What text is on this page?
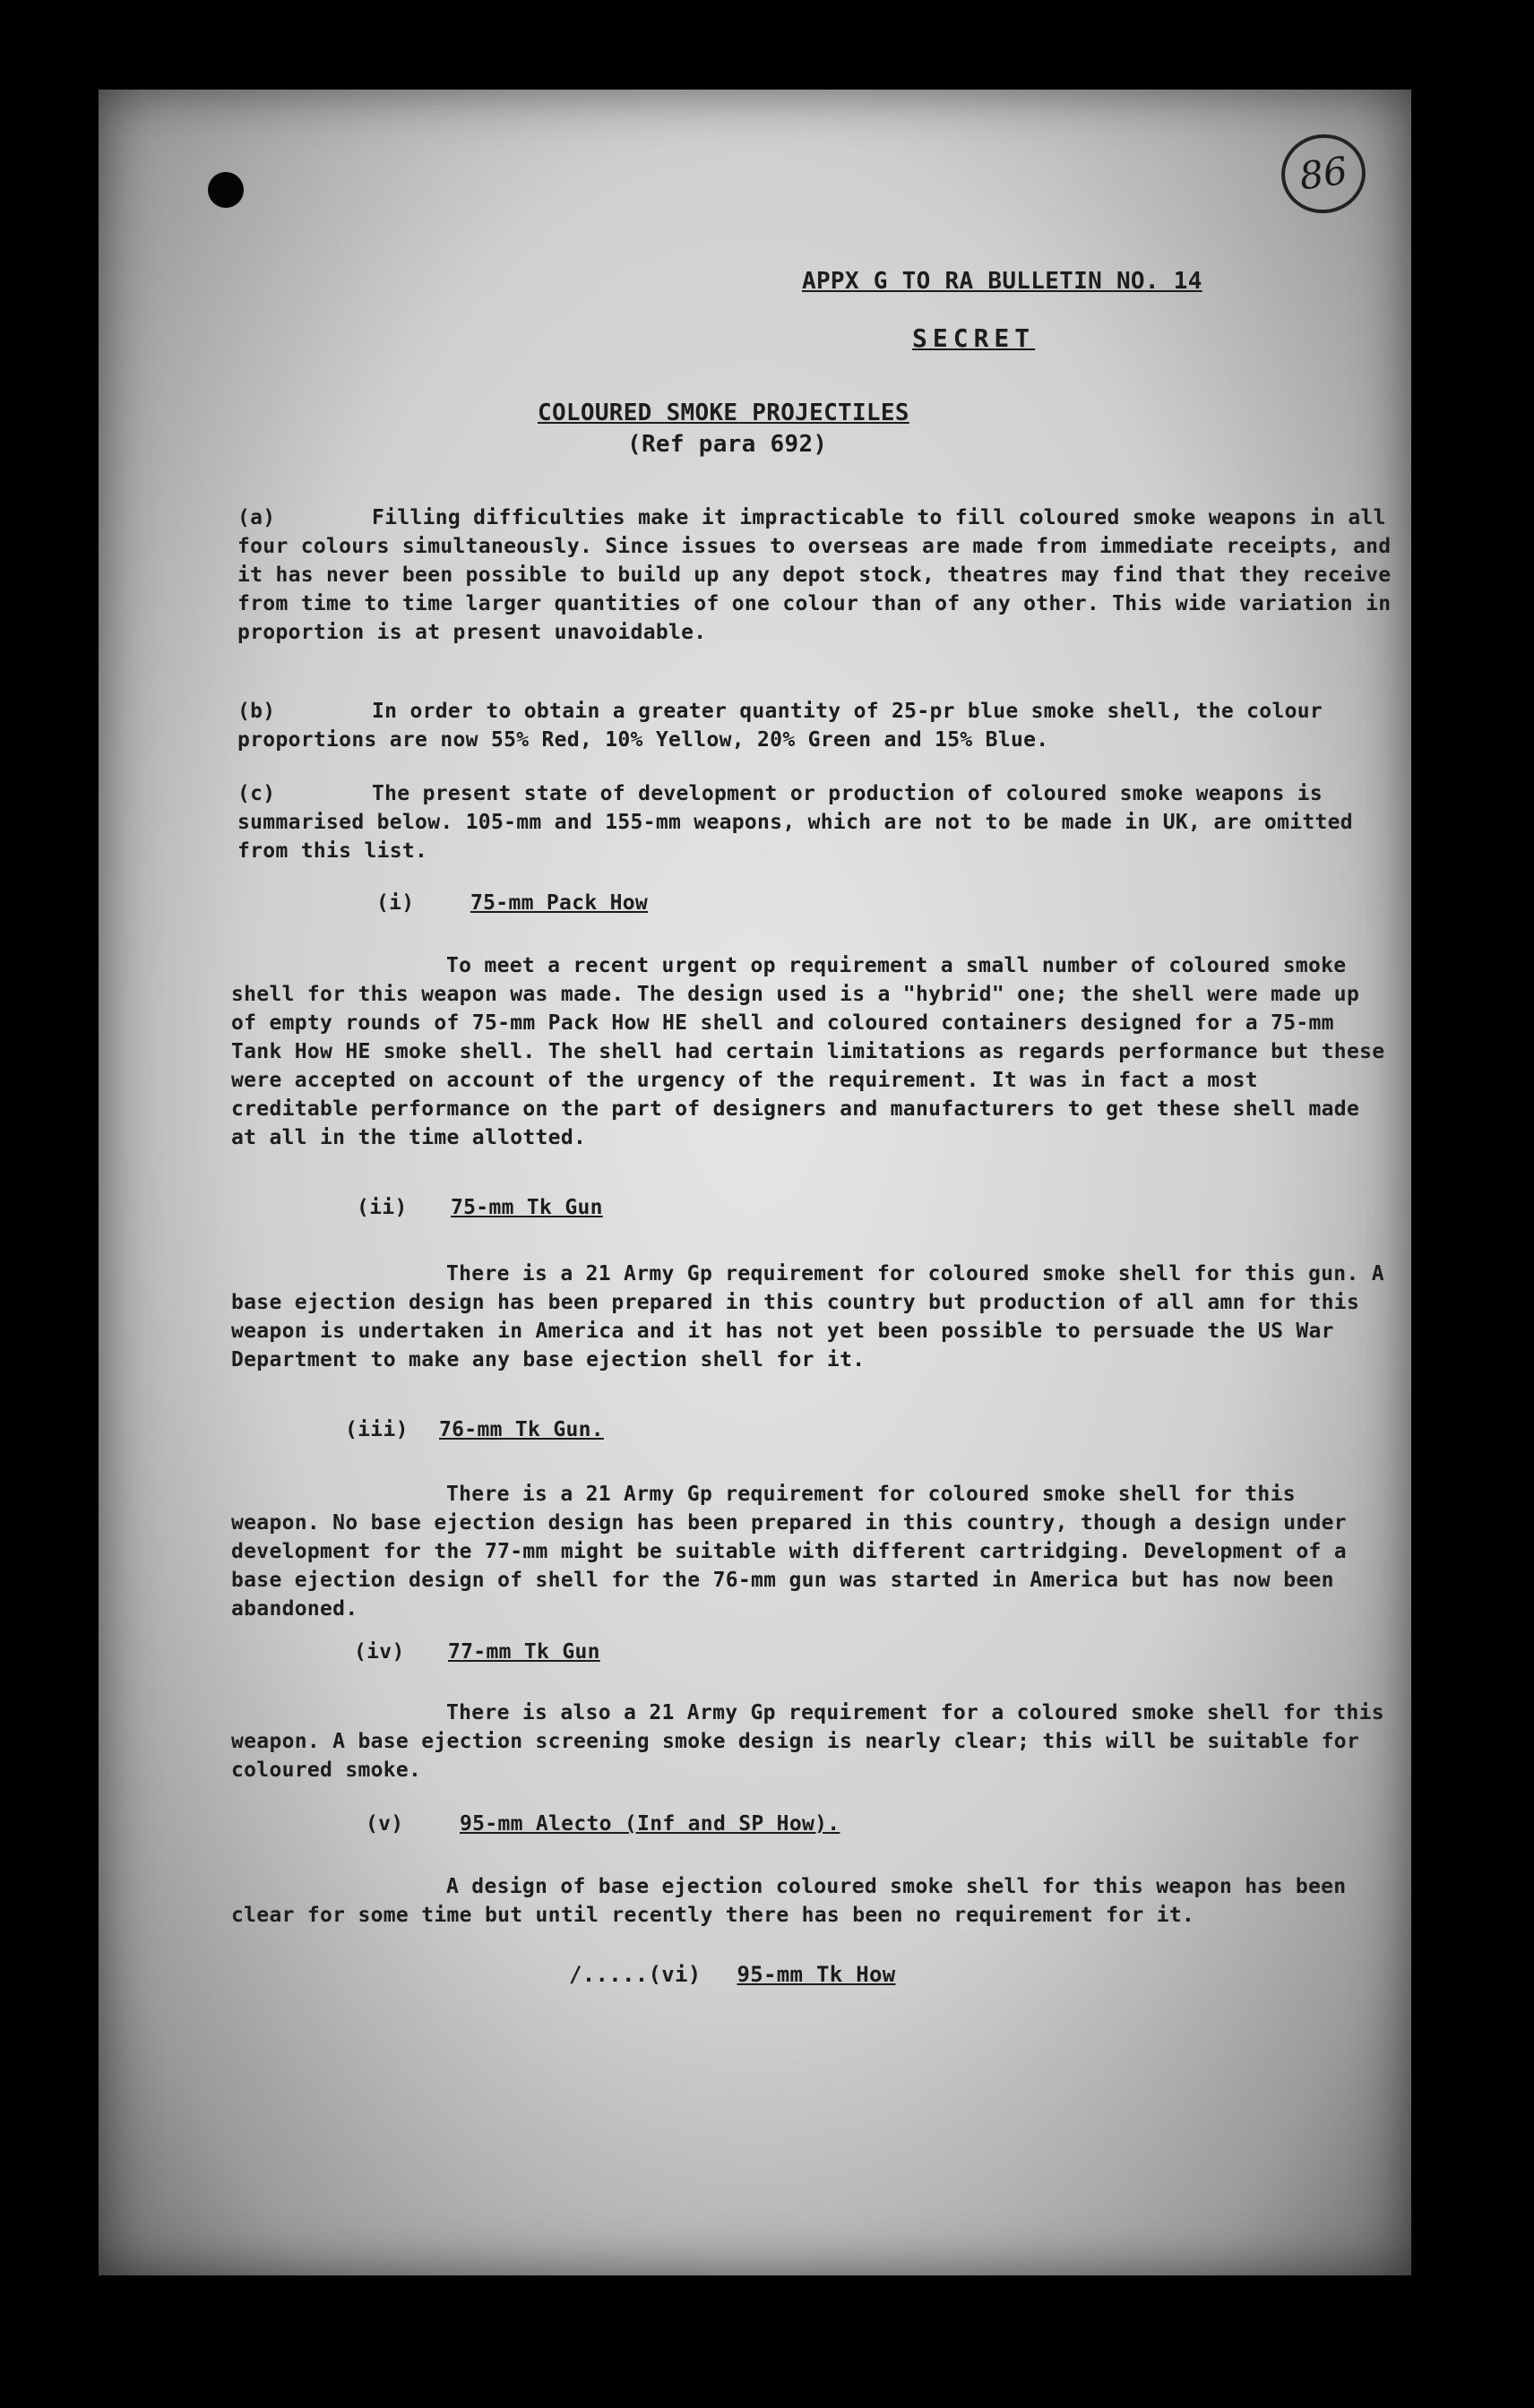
86
APPX G TO RA BULLETIN NO. 14
SECRET
COLOURED SMOKE PROJECTILES
(Ref para 692)
(a)	Filling difficulties make it impracticable to fill coloured smoke weapons in all four colours simultaneously. Since issues to overseas are made from immediate receipts, and it has never been possible to build up any depot stock, theatres may find that they receive from time to time larger quantities of one colour than of any other. This wide variation in proportion is at present unavoidable.
(b)	In order to obtain a greater quantity of 25-pr blue smoke shell, the colour proportions are now 55% Red, 10% Yellow, 20% Green and 15% Blue.
(c)	The present state of development or production of coloured smoke weapons is summarised below. 105-mm and 155-mm weapons, which are not to be made in UK, are omitted from this list.
(i)	75-mm Pack How
To meet a recent urgent op requirement a small number of coloured smoke shell for this weapon was made. The design used is a "hybrid" one; the shell were made up of empty rounds of 75-mm Pack How HE shell and coloured containers designed for a 75-mm Tank How HE smoke shell. The shell had certain limitations as regards performance but these were accepted on account of the urgency of the requirement. It was in fact a most creditable performance on the part of designers and manufacturers to get these shell made at all in the time allotted.
(ii) 75-mm Tk Gun
There is a 21 Army Gp requirement for coloured smoke shell for this gun. A base ejection design has been prepared in this country but production of all amn for this weapon is undertaken in America and it has not yet been possible to persuade the US War Department to make any base ejection shell for it.
(iii) 76-mm Tk Gun.
There is a 21 Army Gp requirement for coloured smoke shell for this weapon. No base ejection design has been prepared in this country, though a design under development for the 77-mm might be suitable with different cartridging. Development of a base ejection design of shell for the 76-mm gun was started in America but has now been abandoned.
(iv) 77-mm Tk Gun
There is also a 21 Army Gp requirement for a coloured smoke shell for this weapon. A base ejection screening smoke design is nearly clear; this will be suitable for coloured smoke.
(v)	95-mm Alecto (Inf and SP How).
A design of base ejection coloured smoke shell for this weapon has been clear for some time but until recently there has been no requirement for it.
/.....(vi) 95-mm Tk How
